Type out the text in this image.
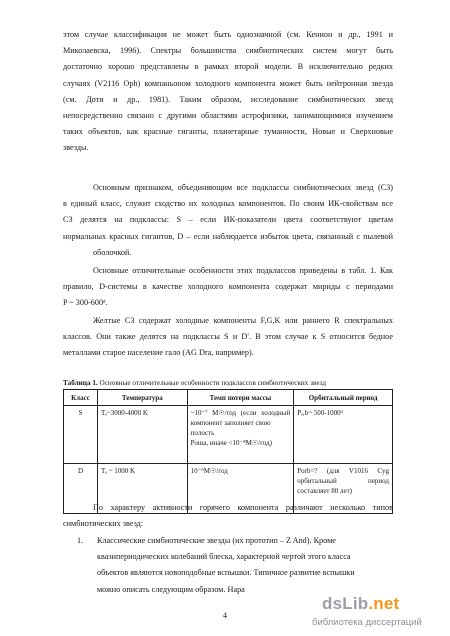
этом случае классификация не может быть однозначной (см. Кенион и др., 1991 и
Миколаевска, 1996). Спектры большинства симбиотических систем могут быть
достаточно хорошо представлены в рамках второй модели. В исключительно редких
случаях (V2116 Oph) компаньоном холодного компонента может быть нейтронная звезда
(см. Доти и др., 1981). Таким образом, исследование симбиотических звезд
непосредственно связано с другими областями астрофизики, занимающимися изучением
таких объектов, как красные гиганты, планетарные туманности, Новые и Сверхновые
звезды.
Основным признаком, объединяющим все подклассы симбиотических звезд (СЗ)
в единый класс, служит сходство их холодных компонентов. По своим ИК-свойствам все
СЗ делятся на подклассы: S – если ИК-показатели цвета соответствуют цветам
нормальных красных гигантов, D – если наблюдается избыток цвета, связанный с пылевой
оболочкой.
Основные отличительные особенности этих подклассов приведены в табл. 1. Как
правило, D-системы в качестве холодного компонента содержат мириды с периодами
P ~ 300-600ᵈ.
Желтые СЗ содержат холодные компоненты F,G,K или раннего R спектральных
классов. Они также делятся на подклассы S и D'. В этом случае к S относится бедное
металлами старое население гало (AG Dra, например).
Таблица 1. Основные отличительные особенности подклассов симбиотических звезд
Класс	Температура	Темп потери массы	Орбитальный период
S	Tₑ~3000-4000 K	~10⁻⁷ M☉/год (если холодный
компонент заполняет свою полость
Роша, иначе <10⁻⁸M☉/год)	Pₒᵣb~ 500-1000ᵈ

D	Tₑ ~ 1000 K	10⁻⁶M☉/год	Porb=? (для V1016 Cyg
орбитальный период
составляет 80 лет)
По характеру активности горячего компонента различают несколько типов
симбиотических звезд:
1. Классические симбиотические звезды (их прототип – Z And). Кроме
квазипериодических колебаний блеска, характерной чертой этого класса
объектов являются новоподобные вспышки. Типичное развитие вспышки
можно описать следующим образом. Нара
4
dsLib.net
библиотека диссертаций
